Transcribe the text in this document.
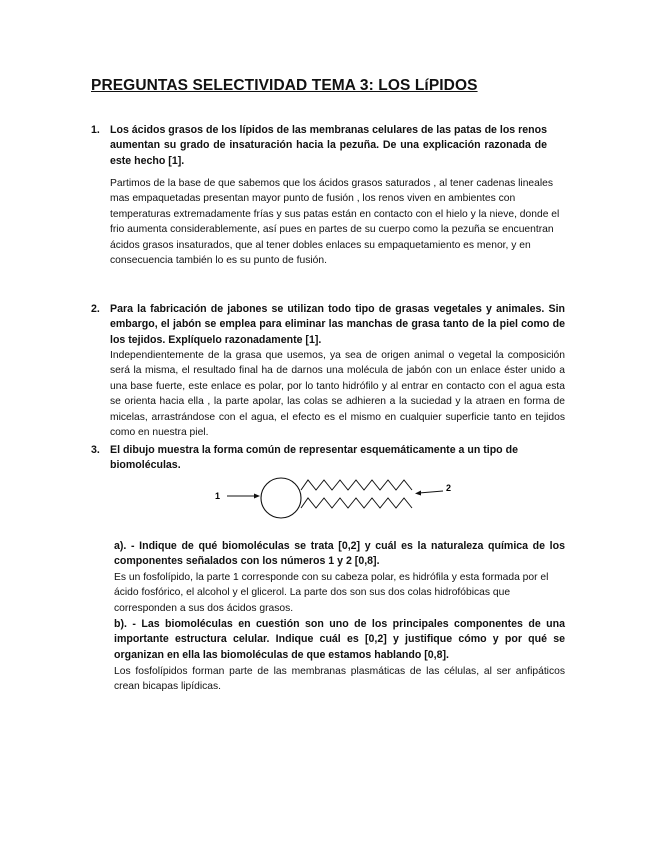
PREGUNTAS SELECTIVIDAD TEMA 3: LOS LíPIDOS
1. Los ácidos grasos de los lípidos de las membranas celulares de las patas de los renos aumentan su grado de insaturación hacia la pezuña. De una explicación razonada de este hecho [1].
Partimos de la base de que sabemos que los ácidos grasos saturados , al tener cadenas lineales mas empaquetadas presentan mayor punto de fusión , los renos viven en ambientes con temperaturas extremadamente frías y sus patas están en contacto con el hielo y la nieve, donde el frio aumenta considerablemente, así pues en partes de su cuerpo como la pezuña se encuentran ácidos grasos insaturados, que al tener dobles enlaces su empaquetamiento es menor, y en consecuencia también lo es su punto de fusión.
2. Para la fabricación de jabones se utilizan todo tipo de grasas vegetales y animales. Sin embargo, el jabón se emplea para eliminar las manchas de grasa tanto de la piel como de los tejidos. Explíquelo razonadamente [1].
Independientemente de la grasa que usemos, ya sea de origen animal o vegetal la composición será la misma, el resultado final ha de darnos una molécula de jabón con un enlace éster unido a una base fuerte, este enlace es polar, por lo tanto hidrófilo y al entrar en contacto con el agua esta se orienta hacia ella , la parte apolar, las colas se adhieren a la suciedad y la atraen en forma de micelas, arrastrándose con el agua, el efecto es el mismo en cualquier superficie tanto en tejidos como en nuestra piel.
3. El dibujo muestra la forma común de representar esquemáticamente a un tipo de biomoléculas.
1
2
a). - Indique de qué biomoléculas se trata [0,2] y cuál es la naturaleza química de los componentes señalados con los números 1 y 2 [0,8].
Es un fosfolípido, la parte 1 corresponde con su cabeza polar, es hidrófila y esta formada por el ácido fosfórico, el alcohol y el glicerol. La parte dos son sus dos colas hidrofóbicas que corresponden a sus dos ácidos grasos.
b). - Las biomoléculas en cuestión son uno de los principales componentes de una importante estructura celular. Indique cuál es [0,2] y justifique cómo y por qué se organizan en ella las biomoléculas de que estamos hablando [0,8].
Los fosfolípidos forman parte de las membranas plasmáticas de las células, al ser anfipáticos crean bicapas lipídicas.
